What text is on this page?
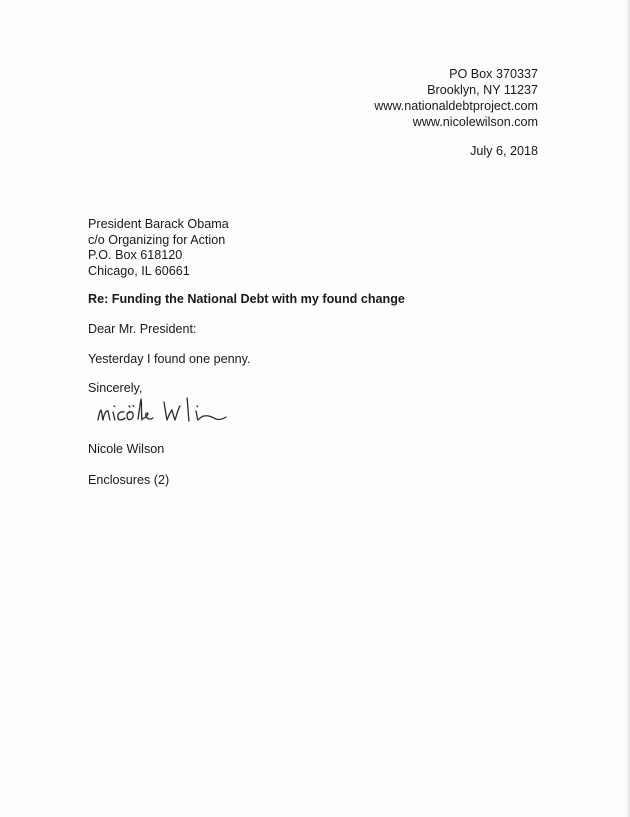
PO Box 370337
Brooklyn, NY 11237
www.nationaldebtproject.com
www.nicolewilson.com
July 6, 2018
President Barack Obama
c/o Organizing for Action
P.O. Box 618120
Chicago, IL 60661
Re: Funding the National Debt with my found change
Dear Mr. President:
Yesterday I found one penny.
Sincerely,
Nicole Wilson
Enclosures (2)
